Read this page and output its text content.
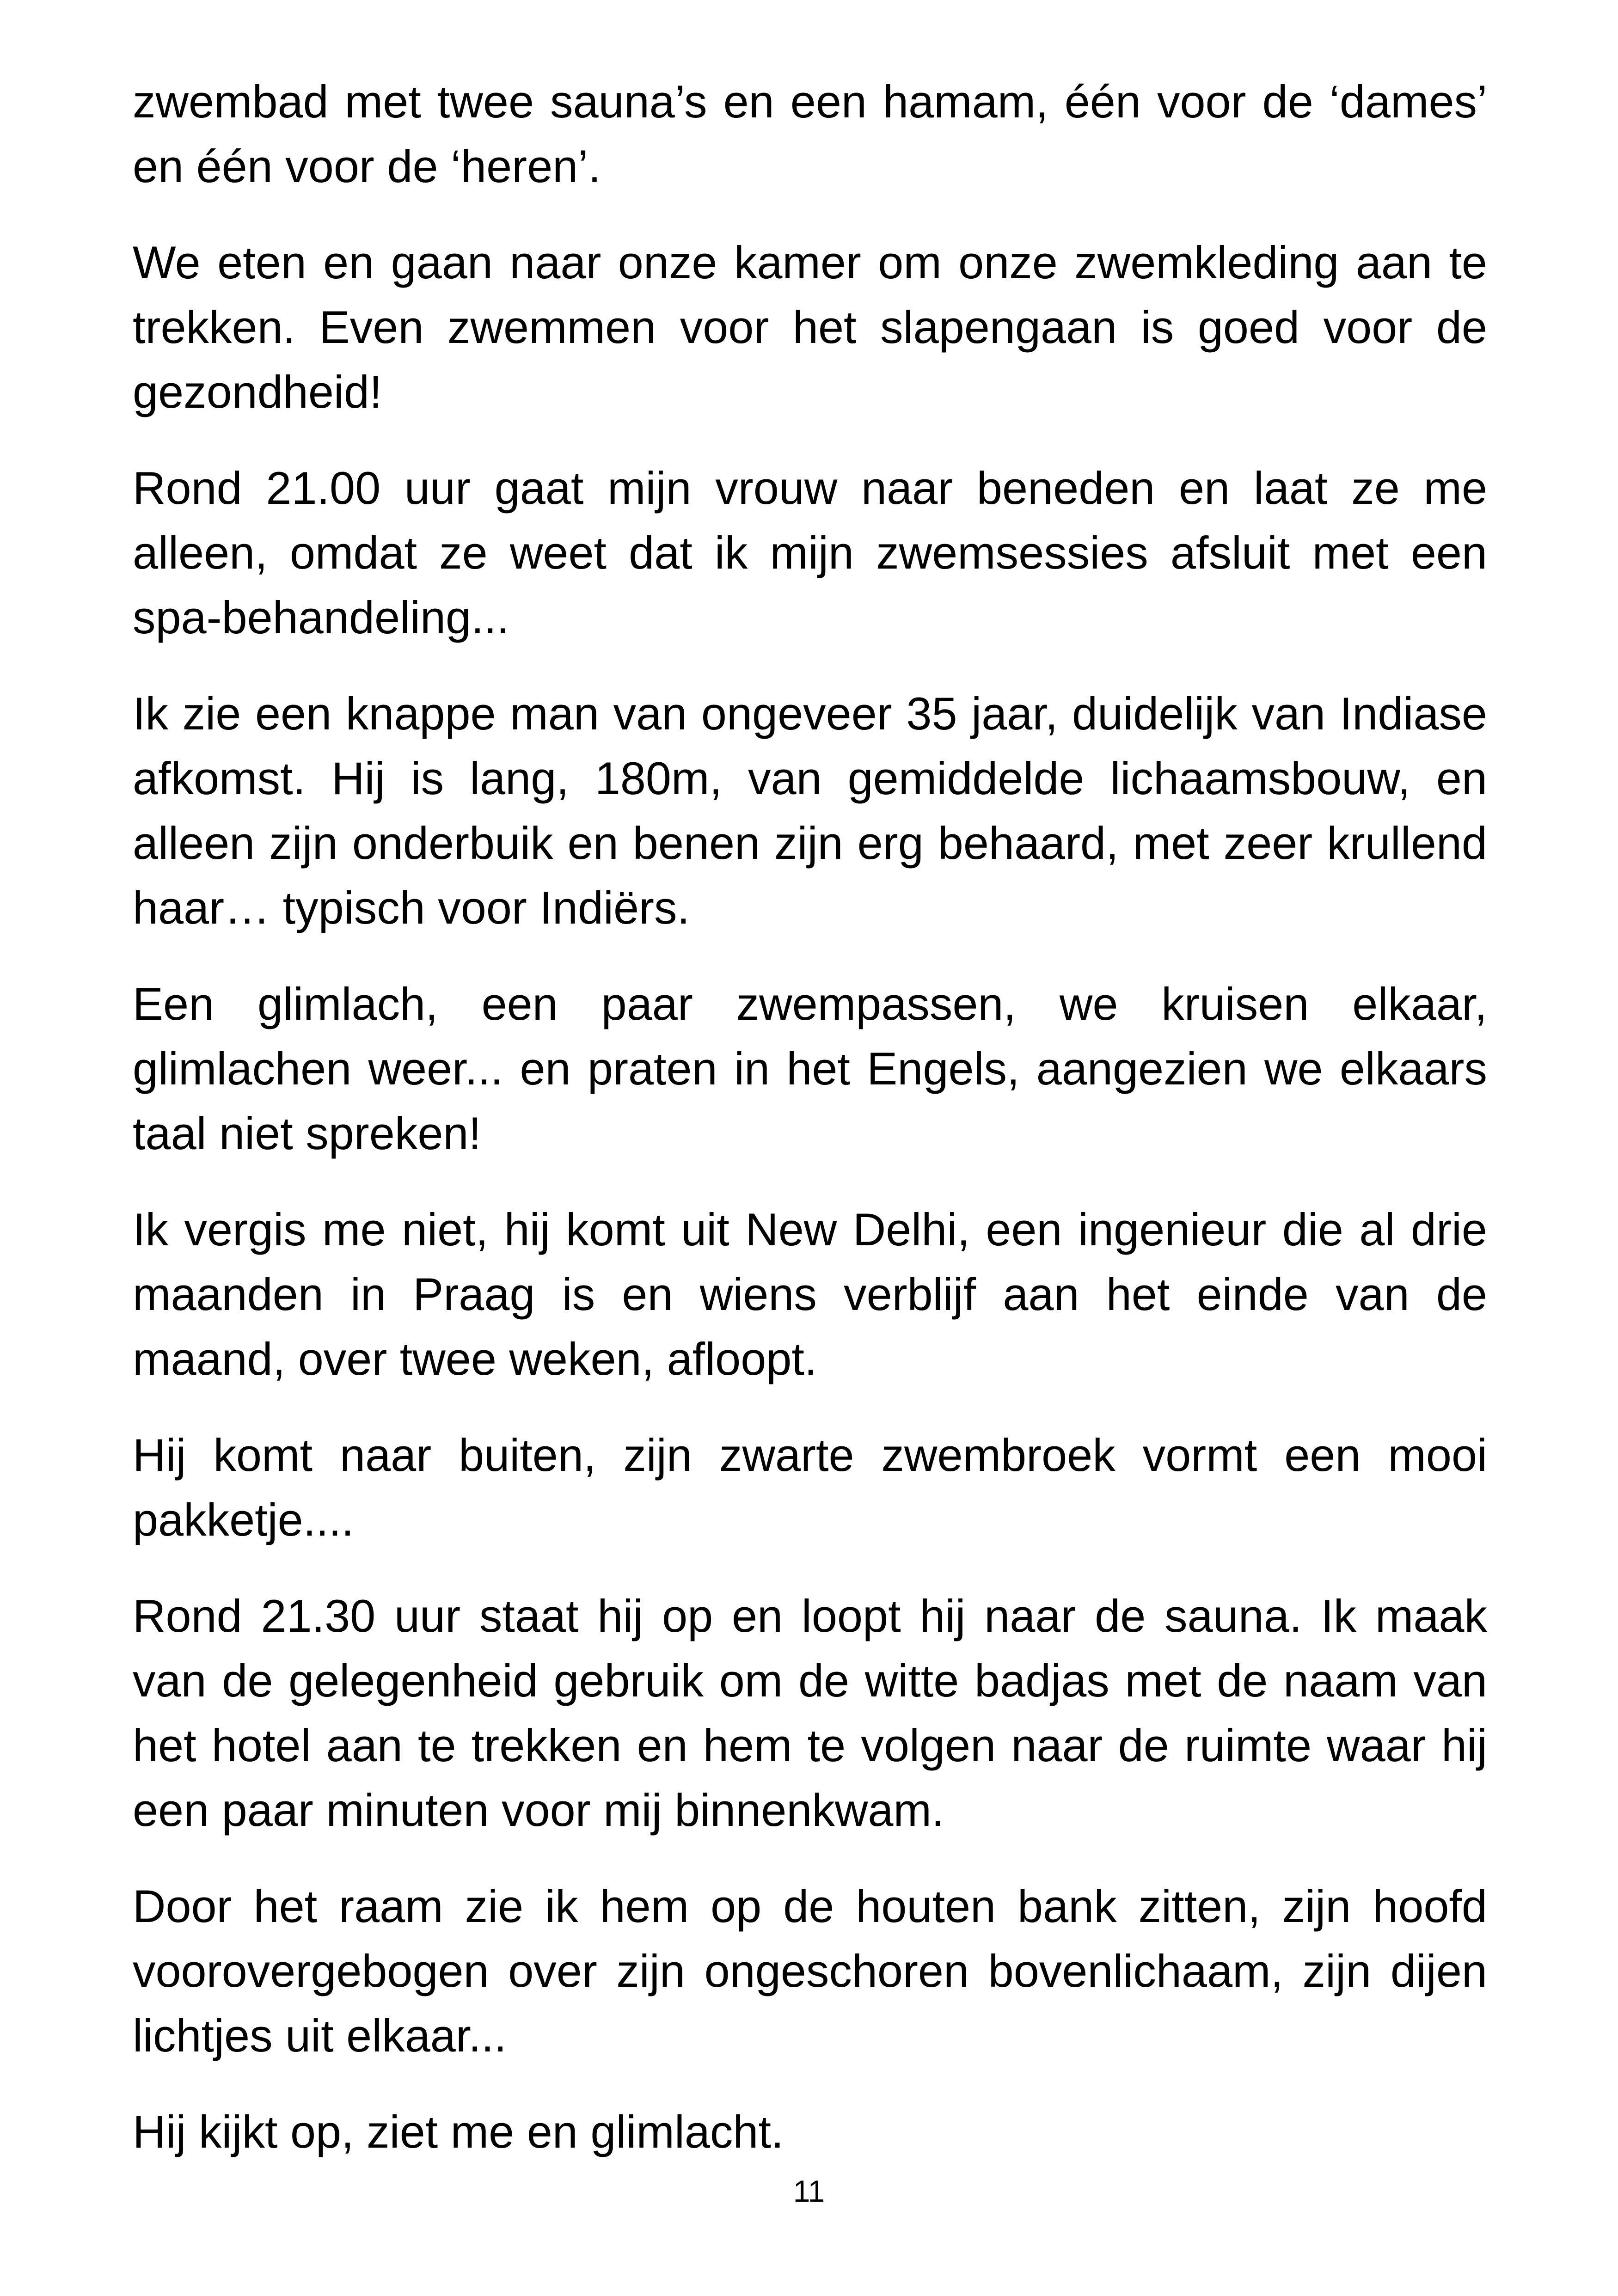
zwembad met twee sauna’s en een hamam, één voor de ‘dames’ en één voor de ‘heren’.

We eten en gaan naar onze kamer om onze zwemkleding aan te trekken. Even zwemmen voor het slapengaan is goed voor de gezondheid!

Rond 21.00 uur gaat mijn vrouw naar beneden en laat ze me alleen, omdat ze weet dat ik mijn zwemsessies afsluit met een spa-behandeling...

Ik zie een knappe man van ongeveer 35 jaar, duidelijk van Indiase afkomst. Hij is lang, 180m, van gemiddelde lichaamsbouw, en alleen zijn onderbuik en benen zijn erg behaard, met zeer krullend haar… typisch voor Indiërs.

Een glimlach, een paar zwempassen, we kruisen elkaar, glimlachen weer... en praten in het Engels, aangezien we elkaars taal niet spreken!

Ik vergis me niet, hij komt uit New Delhi, een ingenieur die al drie maanden in Praag is en wiens verblijf aan het einde van de maand, over twee weken, afloopt.

Hij komt naar buiten, zijn zwarte zwembroek vormt een mooi pakketje....

Rond 21.30 uur staat hij op en loopt hij naar de sauna. Ik maak van de gelegenheid gebruik om de witte badjas met de naam van het hotel aan te trekken en hem te volgen naar de ruimte waar hij een paar minuten voor mij binnenkwam.

Door het raam zie ik hem op de houten bank zitten, zijn hoofd voorovergebogen over zijn ongeschoren bovenlichaam, zijn dijen lichtjes uit elkaar...

Hij kijkt op, ziet me en glimlacht.

11
